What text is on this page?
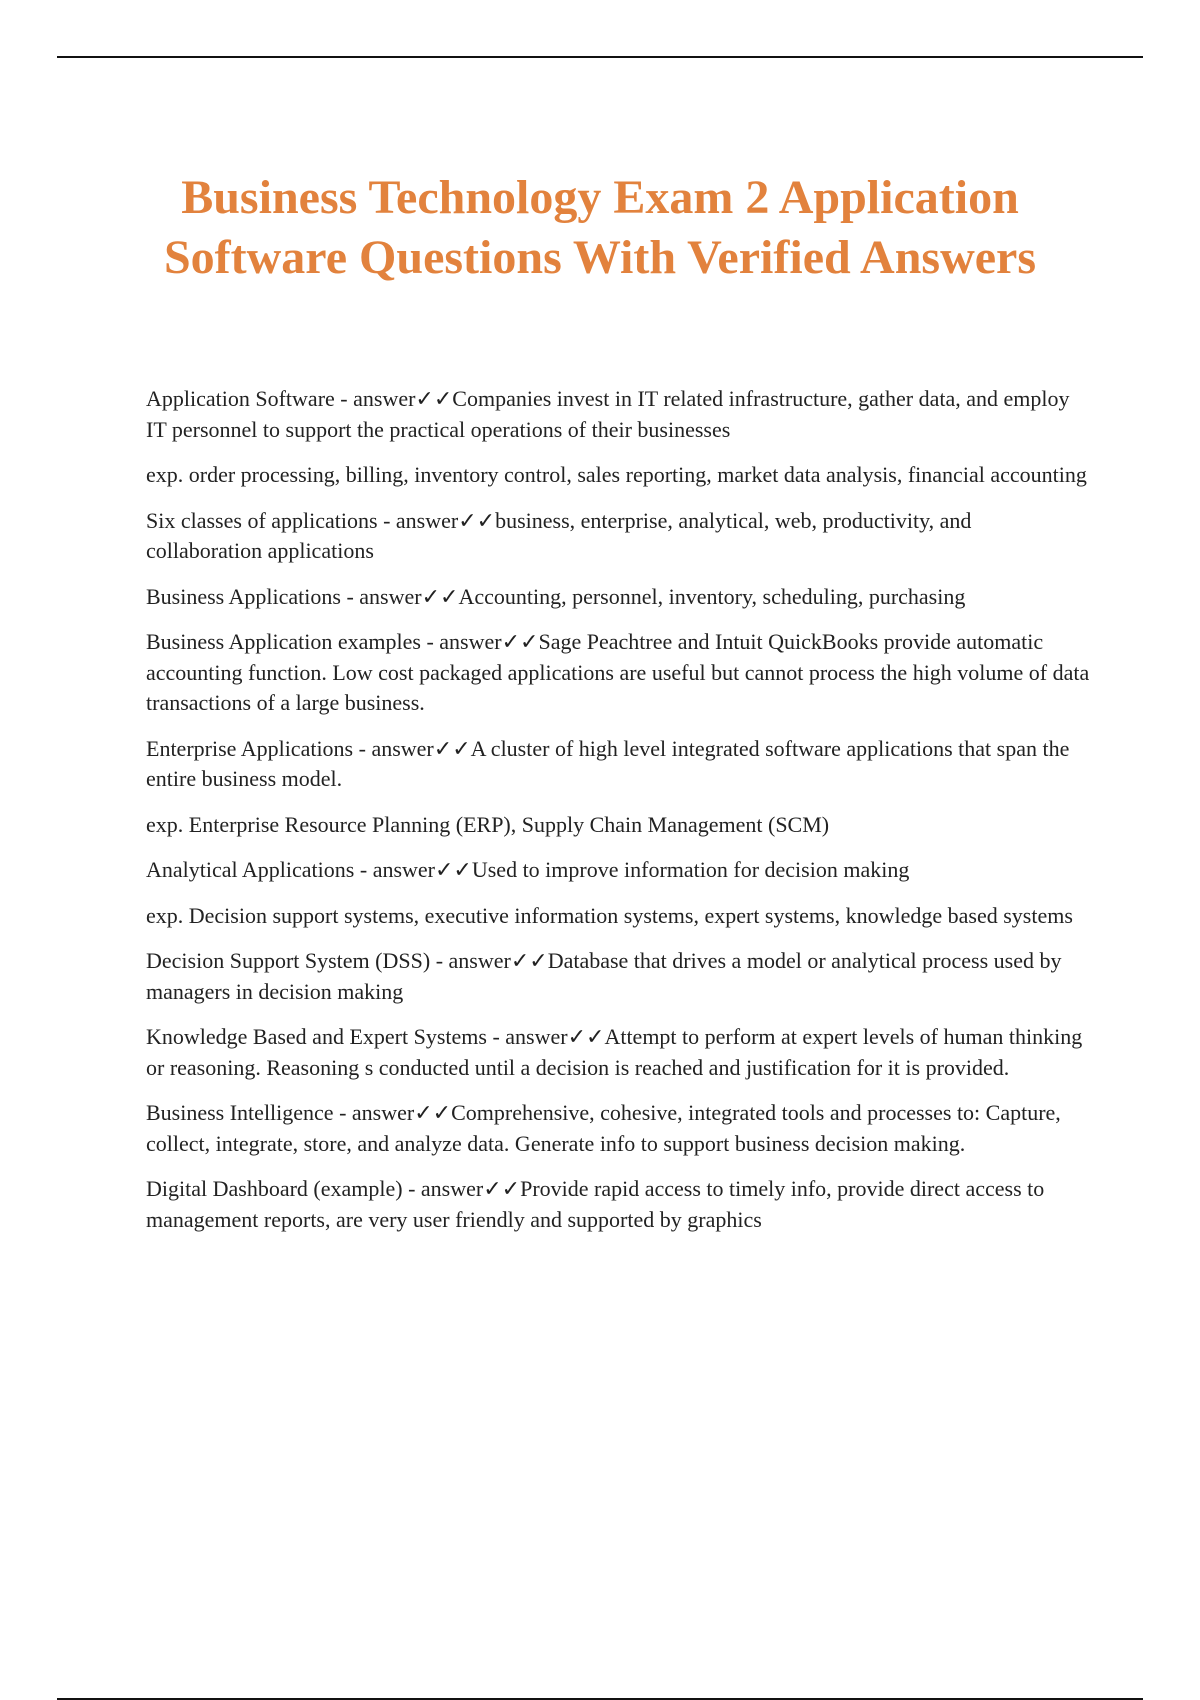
Business Technology Exam 2 Application Software Questions With Verified Answers

Application Software - answer✓✓Companies invest in IT related infrastructure, gather data, and employ IT personnel to support the practical operations of their businesses

exp. order processing, billing, inventory control, sales reporting, market data analysis, financial accounting

Six classes of applications - answer✓✓business, enterprise, analytical, web, productivity, and collaboration applications

Business Applications - answer✓✓Accounting, personnel, inventory, scheduling, purchasing

Business Application examples - answer✓✓Sage Peachtree and Intuit QuickBooks provide automatic accounting function. Low cost packaged applications are useful but cannot process the high volume of data transactions of a large business.

Enterprise Applications - answer✓✓A cluster of high level integrated software applications that span the entire business model.

exp. Enterprise Resource Planning (ERP), Supply Chain Management (SCM)

Analytical Applications - answer✓✓Used to improve information for decision making

exp. Decision support systems, executive information systems, expert systems, knowledge based systems

Decision Support System (DSS) - answer✓✓Database that drives a model or analytical process used by managers in decision making

Knowledge Based and Expert Systems - answer✓✓Attempt to perform at expert levels of human thinking or reasoning. Reasoning s conducted until a decision is reached and justification for it is provided.

Business Intelligence - answer✓✓Comprehensive, cohesive, integrated tools and processes to: Capture, collect, integrate, store, and analyze data. Generate info to support business decision making.

Digital Dashboard (example) - answer✓✓Provide rapid access to timely info, provide direct access to management reports, are very user friendly and supported by graphics
